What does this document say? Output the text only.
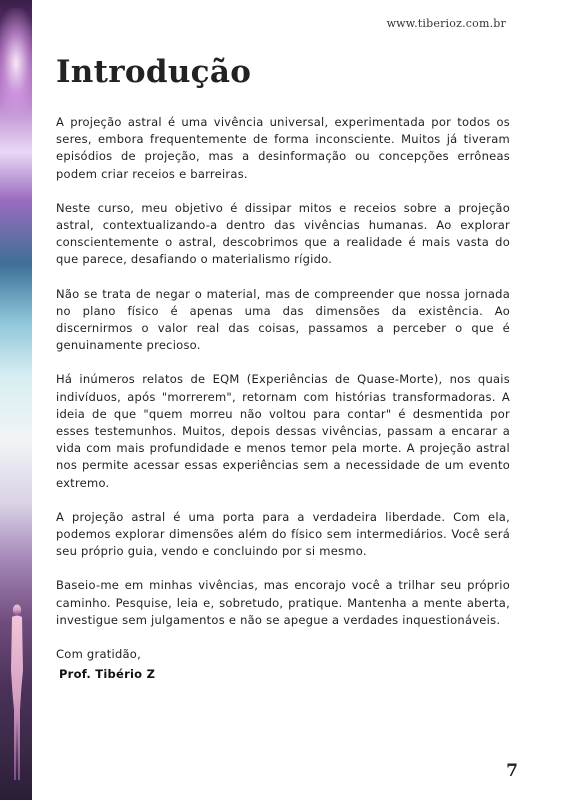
www.tiberioz.com.br
Introdução

A projeção astral é uma vivência universal, experimentada por todos os seres, embora frequentemente de forma inconsciente. Muitos já tiveram episódios de projeção, mas a desinformação ou concepções errôneas podem criar receios e barreiras.

Neste curso, meu objetivo é dissipar mitos e receios sobre a projeção astral, contextualizando-a dentro das vivências humanas. Ao explorar conscientemente o astral, descobrimos que a realidade é mais vasta do que parece, desafiando o materialismo rígido.

Não se trata de negar o material, mas de compreender que nossa jornada no plano físico é apenas uma das dimensões da existência. Ao discernirmos o valor real das coisas, passamos a perceber o que é genuinamente precioso.

Há inúmeros relatos de EQM (Experiências de Quase-Morte), nos quais indivíduos, após "morrerem", retornam com histórias transformadoras. A ideia de que "quem morreu não voltou para contar" é desmentida por esses testemunhos. Muitos, depois dessas vivências, passam a encarar a vida com mais profundidade e menos temor pela morte. A projeção astral nos permite acessar essas experiências sem a necessidade de um evento extremo.

A projeção astral é uma porta para a verdadeira liberdade. Com ela, podemos explorar dimensões além do físico sem intermediários. Você será seu próprio guia, vendo e concluindo por si mesmo.

Baseio-me em minhas vivências, mas encorajo você a trilhar seu próprio caminho. Pesquise, leia e, sobretudo, pratique. Mantenha a mente aberta, investigue sem julgamentos e não se apegue a verdades inquestionáveis.

Com gratidão,
Prof. Tibério Z
7
